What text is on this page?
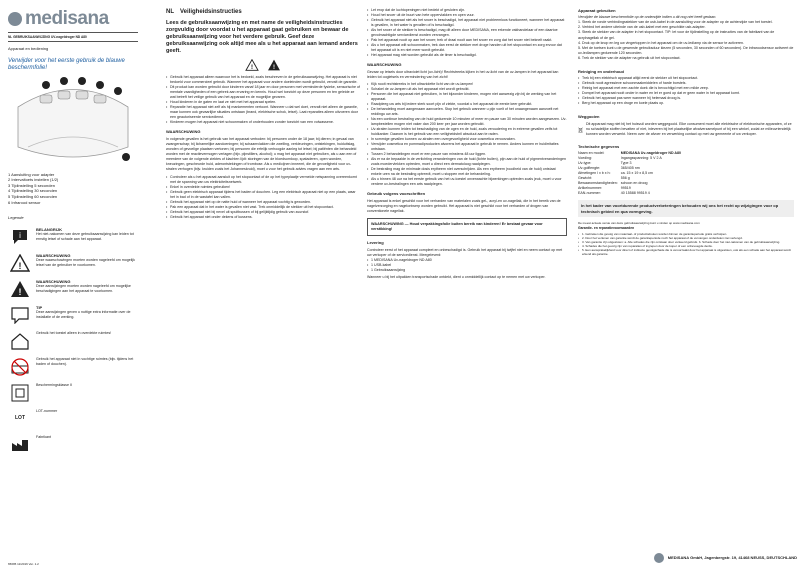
medisana
NL GEBRUIKSAANWIJZING UV-nageldroger ND A80
Apparaat en bediening
Verwijder voor het eerste gebruik de blauwe beschermfolie!
1 Aansluiting voor adapter
2 Intervaltoets instellen (1/2)
3 Tijdinstelling 5 seconden
4 Tijdinstelling 30 seconden
5 Tijdinstelling 60 seconden
6 Infrarood sensor
Legende
i
BELANGRIJK
Het niet-nakomen van deze gebruiksaanwijzing kan leiden tot ernstig letsel of schade aan het apparaat.
!
WAARSCHUWING
Deze waarschuwingen moeten worden nageleefd om mogelijk letsel van de gebruiker te voorkomen.
!
WAARSCHUWING
Deze aanwijzingen moeten worden nageleefd om mogelijke beschadigingen aan het apparaat te voorkomen.
TIP
Deze aanwijzingen geven u nuttige extra informatie over de installatie of de werking.
Gebruik het toestel alleen in overdekte ruimtes!
Gebruik het apparaat niet in vochtige ruimtes (bijv. tijdens het baden of douchen).
Beschermingsklasse II
LOT
LOT-nummer
Fabrikant
65695 11/2016 Ver. 1.2
NL Veiligheidsinstructies
Lees de gebruiksaanwijzing en met name de veiligheidsinstructies zorgvuldig door voordat u het apparaat gaat gebruiken en bewaar de gebruiksaanwijzing voor het verdere gebruik. Geef deze gebruiksaanwijzing ook altijd mee als u het apparaat aan iemand anders geeft.
! !
• Gebruik het apparaat alleen waarvoor het is bedoeld, zoals beschreven in de gebruiksaanwijzing. Het apparaat is niet bedoeld voor commercieel gebruik. Wanneer het apparaat voor andere doeleinden wordt gebruikt, vervalt de garantie.
• Dit product kan worden gebruikt door kinderen vanaf 18 jaar en door personen met verminderde fysieke, sensorische of mentale vaardigheden of een gebrek aan ervaring en kennis. Houd wel toezicht op deze personen en ten geleide ze wat betreft het veilige gebruik van het apparaat en de mogelijke gevaren.
• Houd kinderen in de gaten en laat ze niet met het apparaat spelen.
• Reparatie het apparaat niet zelf als hij mankementen vertoont. Wanneer u dat wel doet, vervalt niet alleen de garantie, maar kunnen ook gevaarlijke situaties ontstaan (brand, elektrische schok, letsel). Laat reparaties alleen uitvoeren door een geautoriseerde servicedienst.
• Kinderen mogen het apparaat niet schoonmaken of onderhouden zonder toezicht van een volwassene.
WAARSCHUWING

In volgende gevallen is het gebruik van het apparaat verboden: bij personen onder de 18 jaar; bij dieren; in gevaal van zwangerschap; bij lichamelijke aandoeningen; bij schaamvlakken die zwelling, verkleuringen, ontstekingen, huiduitslag, wonden of gevoelige plaatsen vertonen; bij personen die erfelijk verhoogde aanleg tot letsel; bij patiënten die behandeld worden met de reactievermogen verlagen (bijv. pijnstillers, alcohol); u mag het apparaat niet gebruiken, als u aan een of meerdere van de volgende ziektes of klachten lijdt: storingen van de bloedsomloop, spataderen, open wonden, kneuzingen, gescheurde huid, aderontstekingen of trombose. Als u medicijnen inneemt, die de gevoeligheid voor uv-stralen verhogen (bijv. kruiden zoals het Johanneskruid), moet u voor het gebruik advies vragen aan een arts.

• Controleer als u het apparaat aansluit op het stopcontact of de op het typeplaatje vermelde netspanning overeenkomt met de spanning van uw elektriciteitsnetwerk.
• Enkel in overdekte ruimtes gebruiken!
• Gebruik geen elektrisch apparaat tijdens het baden of douchen. Leg een elektrisch apparaat niet op een plaats, waar het in bad of in de wastafel kan vallen.
• Gebruik het apparaat niet op de natte huid of wanneer het apparaat vochtig is geworden.
• Pak een apparaat dat in het water is gevallen niet vast. Trek onmiddellijk de stekker uit het stopcontact.
• Gebruik het apparaat niet bij nevel uit spuitbussen of bij gelijktijdig gebruik van zuurstof.
• Gebruik het apparaat niet onder dekens of kussens.
• Let erop dat de luchtopeningen niet bedekt of gesloten zijn.
• Houd het snoer uit de buurt van hete oppervlakken en open vuur.
• Gebruik het apparaat niet als het snoer is beschadigd, het apparaat niet probleemloos functioneert, wanneer het apparaat is gevallen, in het water is gevallen of is beschadigd.
• Als het snoer of de stekker is beschadigd, mag dit alleen door MEDISANA, een erkende vakhandelaar of een daartoe gevolmachtigde servicedienst worden vervangen.
• Pak het apparaat nooit op aan het snoer; trek of draai nooit aan het snoer en zorg dat het snoer niet beknelt raakt.
• Als u het apparaat wilt schoonmaken, trek dan eerst de stekker met droge handen uit het stopcontact en zorg ervoor dat het apparaat uit is en niet meer wordt gebruikt.
• Het apparaat mag niet worden gebruikt als de timer is beschadigd.
WAARSCHUWING

Gevaar op letsels door ultraviolet licht (uv-licht)! Rechtstreeks kijken in het uv-licht van de uv-lampen in het apparaat kan leiden tot oogletsels en vermindering van het zicht!

• Kijk nooit rechtstreeks in het ultraviolette licht van de uv-lampen!
• Schakel de uv-lampen uit als het apparaat niet wordt gebruikt.
• Personen die het apparaat niet gebruiken, in het bijzonder kinderen, mogen niet aanwezig zijn bij de werking van het apparaat.
• Raadpleeg uw arts bij iedere sterk soort pijn of ziekte, voordat u het apparaat de eerste keer gebruikt.
• De behandeling moet aangenaam aanvoelen. Stop het gebruik wanneer u pijn voelt of het onaangenaam aanvoelt net reddingu uw arts.
• Na een continue bestraling van de huid gedurende 10 minuten of meer en pauze van 30 minuten worden aangewezen. Uv-lampbestellen mogen niet vaker dan 200 keer per jaar worden gebruikt.
• Uv-stralen kunnen leiden tot beschadiging van de ogen en de huid, zoals veroudering en in extreme gevallen zelfs tot huidkanker. Daarom is het gebruik van een veiligheidsbril absoluut aan te raden.
• In sommige gevallen kunnen uv-stralen een overgevoeligheid voor cosmetica veroorzaken.
• Verwijder cosmetica en pommadiproducten alvorens het apparaat in gebruik te nemen. Anders kunnen er huidirritaties ontstaan.
• Tussen 2 behandelingen moet er een pauze van minstens 48 uur liggen.
• Als er na de bepaalde in de verlichting veranderingen van de huid (lichte builen), pijn aan de huid of pigmentveranderingen zoals moedervlekken optreden, moet u direct een dermatoloog raadplegen.
• De bestraling mag de minimale dosis erytheem niet overschrijden. Als een erytheem (roodheid van de huid) ontstaat enkele uren na de bestraling optreedt, moet u stoppen met de behandeling.
• Als u binnen 48 uur na het eerste gebruik van het uv-toestel onverwachte bijwerkingen optreden zoals jeuk, moet u voor verdere uv-bestralingen een arts raadplegen.
Gebruik volgens voorschriften

Het apparaat is enkel geschikt voor het verharden van materialen zoals gel-, acryl-en uv-nagellak, die in het bereik van de nagelverzorging en nagelontwerp worden gebruikt. Het apparaat is niet geschikt voor het verharden of drogen van conventionele nagellak.

WAARSCHUWING — Houd verpakkingsfolie buiten bereik van kinderen! Er bestaat gevaar voor verstikking!
Levering

Controleer eerst of het apparaat compleet en onbeschadigd is. Gebruik het apparaat bij twijfel niet en neem contact op met uw verkoper of de servicedienst. Meegeleverd:

• 1 MEDISANA Uv-nageldroger ND A80
• 1 USB-kabel
• 1 Gebruiksaanwijzing

Wanneer u bij het uitpakken transportschade ontdekt, dient u onmiddellijk contact op te nemen met uw verkoper.

Apparaat gebruiken

Verwijder de blauwe beschermfolie op de onderzijde indien u dit nog niet heeft gedaan.

1. Steek de ronde verbindingsstekker van de usb-kabel in de aansluiting voor de adapter op de achterzijde van het toestel.

2. Verbind het andere uiteinde van de usb-kabel met een geschikte usb-adapter.

3. Steek de stekker van de adapter in het stopcontact. TIP: let voor de tijdinstelling op de instructies van de fabrikant van de acrylnagellak of de gel.

4. Druk op de knop en leg uw vingertoppen in het apparaat om de uv-ledlamp via de sensor te activeren.

5. Met de toetsen kunt u de gewenste gebruiksduur kiezen (5 seconden, 30 seconden of 60 seconden). De infraroodsensor activeert de uv-ledlampen gedurende 120 seconden.

6. Trek de stekker van de adapter na gebruik uit het stopcontact.

Reiniging en onderhoud
• Trek bij een elektrisch apparaat altijd eerst de stekker uit het stopcontact.
• Gebruik nooit agressieve schoonmaakmiddelen of harde borstels.
• Reinig het apparaat met een zachte doek die is bevochtigd met een milde zeep.
• Dompel het apparaat nooit onder in water en let er goed op dat er geen water in het apparaat komt.
• Gebruik het apparaat pas weer wanneer hij helemaal droog is.
• Berg het apparaat op een droge en koele plaats op.
Weggooien

Dit apparaat mag niet bij het huisvuil worden weggegooid. Elke consument moet alle elektrische of elektronische apparaten, of ze nu schadelijke stoffen bevatten of niet, inleveren bij het plaatselijke afvalverzamelpunt of bij een winkel, zodat ze milieuvriendelijk kunnen worden verwerkt. Neem over de afvoer en verwerking contact op met uw gemeente of uw verkoper.

Technische gegevens
Naam en model:	MEDISANA Uv-nageldroger ND A80
Voeding:	Ingangsspanning: 5 V 2 A
Uv-type:	Type 3
Uv-golflengte:	365/405 nm
Afmetingen l x b x h:	ca. 15 x 19 x 8,5 cm
Gewicht:	556 g
Bewaaromstandigheden:	schoon en droog
Artikelnummer:	99519
EAN-nummer:	40 15588 99519 4
In het kader van voortdurende productverbeteringen behouden wij ons het recht op wijzigingen voor op technisch gebied en qua vormgeving.

De meest actuele versie van deze gebruiksaanwijzing kunt u vinden op www.medisana.com

Garantie- en reparatievoorwaarden
• 1. Gebreken die gevolg van materiaal- of productiefouten worden binnen de garantieperiode gratis verholpen.
• 2. Door het verlenen van garantie wordt de garantieperiode noch het apparaat of de vervangen onderdelen niet verlengd.
• 3. Van garantie zijn uitgesloten: a. Alle schades die zijn ontstaan door verkeerd gebruik. b. Schade door het niet-nakomen van de gebruiksaanwijzing.
• 4. Schades die het gevolg zijn van reparaties of ingrepen door de koper of een onbevoegde derde.
• 5. Een aansprakelijkheid voor direct of indirecte gevolgschade die is veroorzaakt door het apparaat is uitgesloten, ook als een schade aan het apparaat wordt erkend als garantie.
MEDISANA GmbH, Jagenbergstr. 19, 41468 NEUSS, DEUTSCHLAND
